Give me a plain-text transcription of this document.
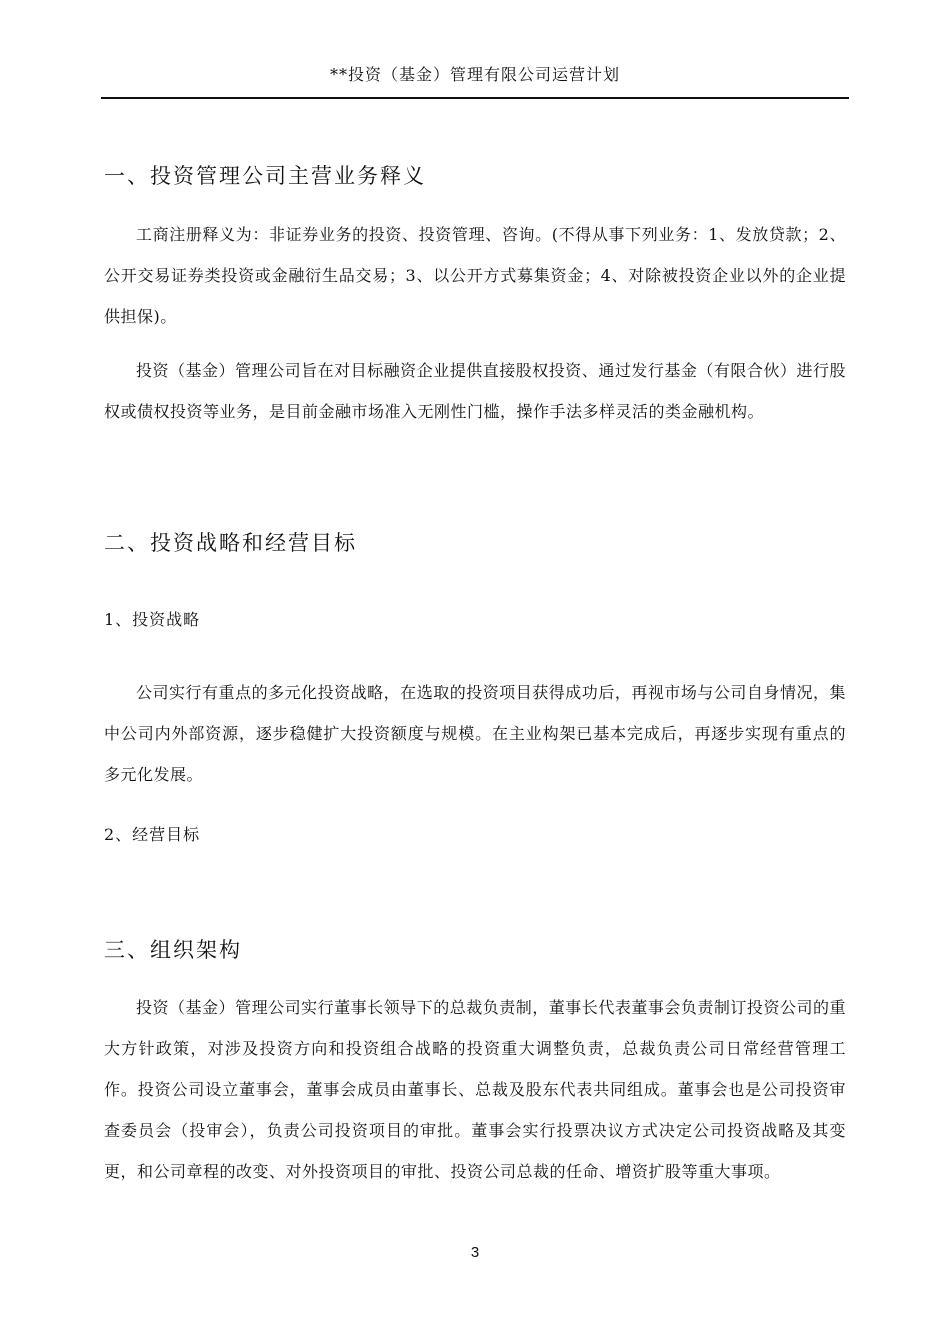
**投资（基金）管理有限公司运营计划
一、投资管理公司主营业务释义

工商注册释义为：非证券业务的投资、投资管理、咨询。(不得从事下列业务：1、发放贷款；2、公开交易证券类投资或金融衍生品交易；3、以公开方式募集资金；4、对除被投资企业以外的企业提供担保)。

投资（基金）管理公司旨在对目标融资企业提供直接股权投资、通过发行基金（有限合伙）进行股权或债权投资等业务，是目前金融市场准入无刚性门槛，操作手法多样灵活的类金融机构。

二、投资战略和经营目标

1、投资战略

公司实行有重点的多元化投资战略，在选取的投资项目获得成功后，再视市场与公司自身情况，集中公司内外部资源，逐步稳健扩大投资额度与规模。在主业构架已基本完成后，再逐步实现有重点的多元化发展。

2、经营目标

三、组织架构

投资（基金）管理公司实行董事长领导下的总裁负责制，董事长代表董事会负责制订投资公司的重大方针政策，对涉及投资方向和投资组合战略的投资重大调整负责，总裁负责公司日常经营管理工作。投资公司设立董事会，董事会成员由董事长、总裁及股东代表共同组成。董事会也是公司投资审查委员会（投审会），负责公司投资项目的审批。董事会实行投票决议方式决定公司投资战略及其变更，和公司章程的改变、对外投资项目的审批、投资公司总裁的任命、增资扩股等重大事项。

3
